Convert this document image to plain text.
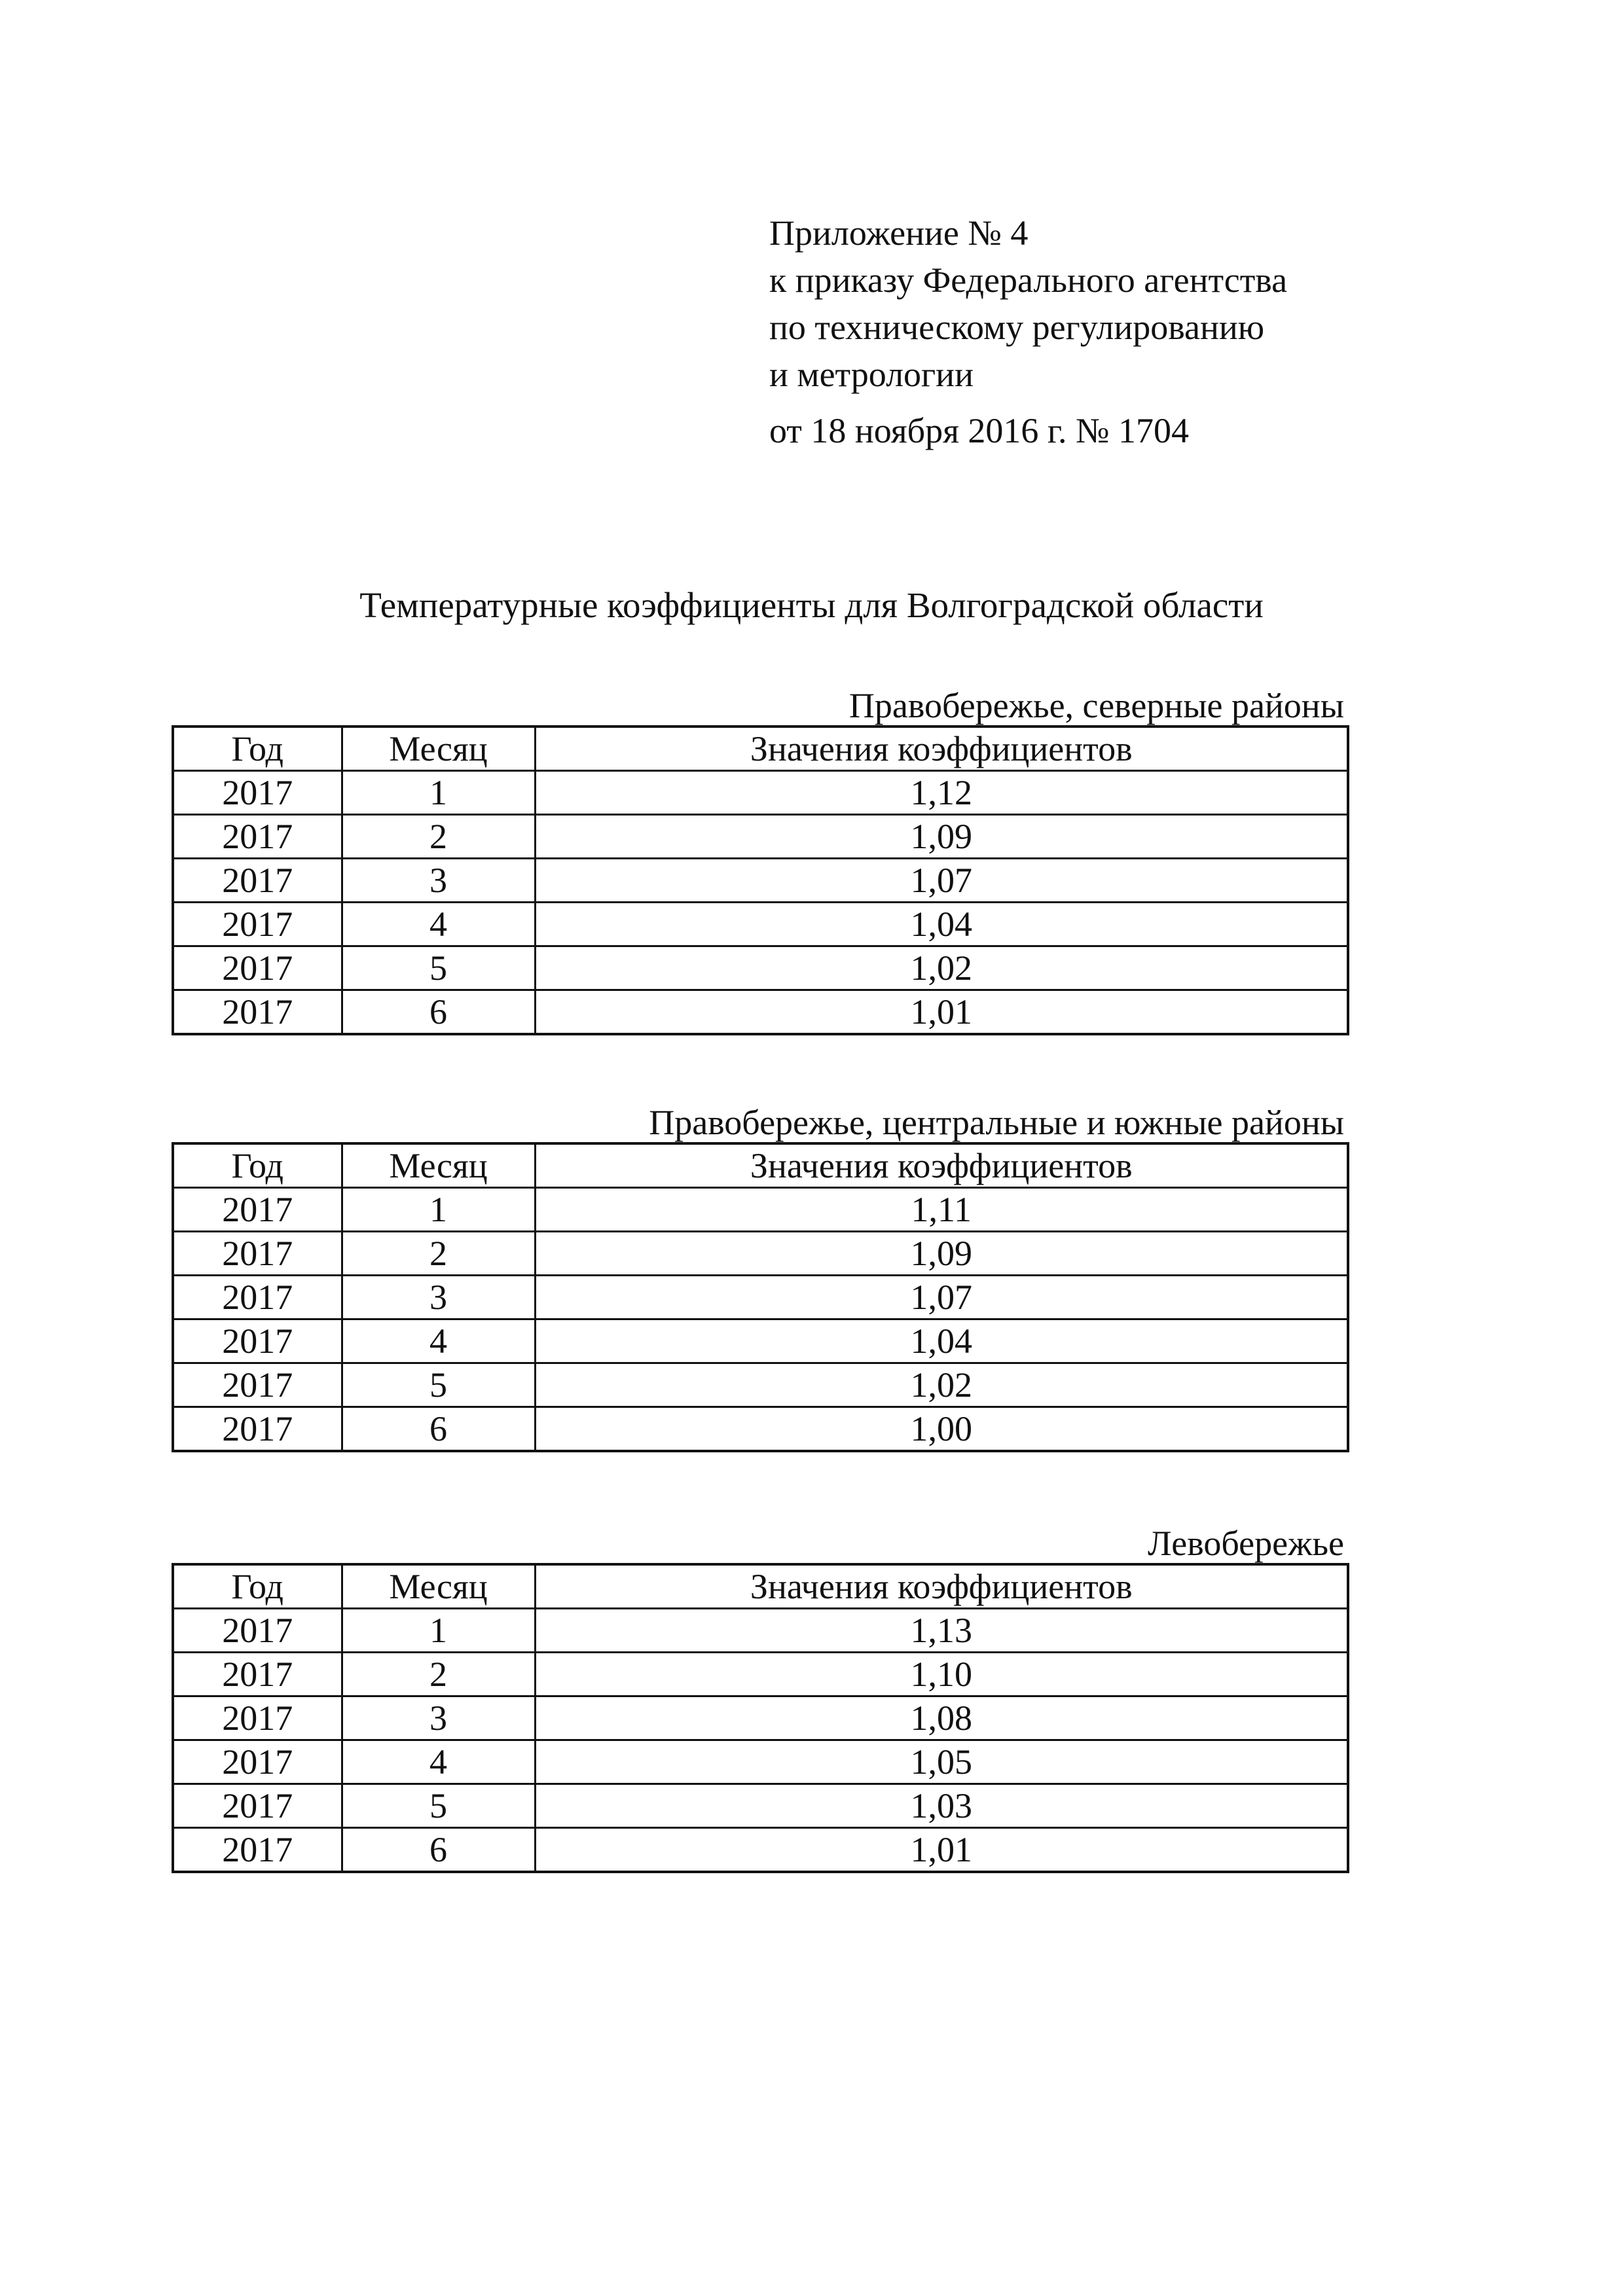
Приложение № 4
к приказу Федерального агентства
по техническому регулированию
и метрологии
от 18 ноября 2016 г. № 1704
Температурные коэффициенты для Волгоградской области
Правобережье, северные районы
Год	Месяц	Значения коэффициентов
2017	1	1,12
2017	2	1,09
2017	3	1,07
2017	4	1,04
2017	5	1,02
2017	6	1,01
Правобережье, центральные и южные районы
Год	Месяц	Значения коэффициентов
2017	1	1,11
2017	2	1,09
2017	3	1,07
2017	4	1,04
2017	5	1,02
2017	6	1,00
Левобережье
Год	Месяц	Значения коэффициентов
2017	1	1,13
2017	2	1,10
2017	3	1,08
2017	4	1,05
2017	5	1,03
2017	6	1,01
